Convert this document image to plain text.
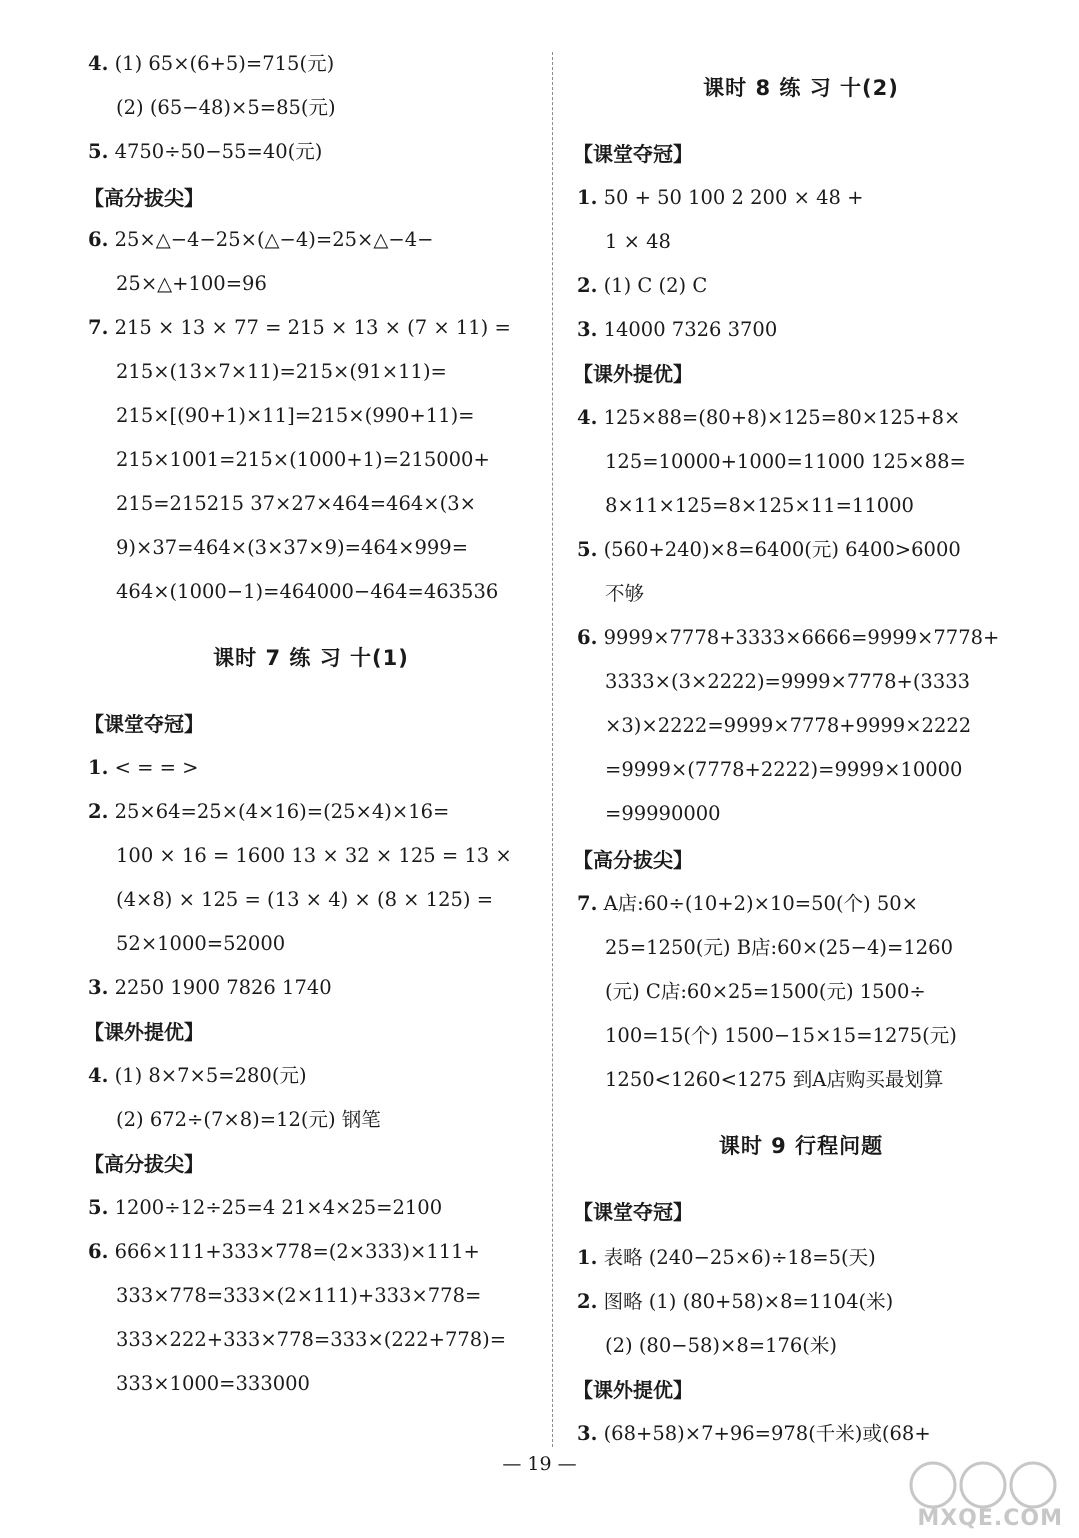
4. (1) 65×(6+5)=715(元)
(2) (65−48)×5=85(元)
5. 4750÷50−55=40(元)
【高分拔尖】
6. 25×△−4−25×(△−4)=25×△−4−
25×△+100=96
7. 215 × 13 × 77 = 215 × 13 × (7 × 11) =
215×(13×7×11)=215×(91×11)=
215×[(90+1)×11]=215×(990+11)=
215×1001=215×(1000+1)=215000+
215=215215 37×27×464=464×(3×
9)×37=464×(3×37×9)=464×999=
464×(1000−1)=464000−464=463536
课时 7 练 习 十(1)
【课堂夺冠】
1. < = = >
2. 25×64=25×(4×16)=(25×4)×16=
100 × 16 = 1600 13 × 32 × 125 = 13 ×
(4×8) × 125 = (13 × 4) × (8 × 125) =
52×1000=52000
3. 2250 1900 7826 1740
【课外提优】
4. (1) 8×7×5=280(元)
(2) 672÷(7×8)=12(元) 钢笔
【高分拔尖】
5. 1200÷12÷25=4 21×4×25=2100
6. 666×111+333×778=(2×333)×111+
333×778=333×(2×111)+333×778=
333×222+333×778=333×(222+778)=
333×1000=333000
课时 8 练 习 十(2)
【课堂夺冠】
1. 50 + 50 100 2 200 × 48 +
1 × 48
2. (1) C (2) C
3. 14000 7326 3700
【课外提优】
4. 125×88=(80+8)×125=80×125+8×
125=10000+1000=11000 125×88=
8×11×125=8×125×11=11000
5. (560+240)×8=6400(元) 6400>6000
不够
6. 9999×7778+3333×6666=9999×7778+
3333×(3×2222)=9999×7778+(3333
×3)×2222=9999×7778+9999×2222
=9999×(7778+2222)=9999×10000
=99990000
【高分拔尖】
7. A店:60÷(10+2)×10=50(个) 50×
25=1250(元) B店:60×(25−4)=1260
(元) C店:60×25=1500(元) 1500÷
100=15(个) 1500−15×15=1275(元)
1250<1260<1275 到A店购买最划算
课时 9 行程问题
【课堂夺冠】
1. 表略 (240−25×6)÷18=5(天)
2. 图略 (1) (80+58)×8=1104(米)
(2) (80−58)×8=176(米)
【课外提优】
3. (68+58)×7+96=978(千米)或(68+
— 19 —
MXQE.COM
